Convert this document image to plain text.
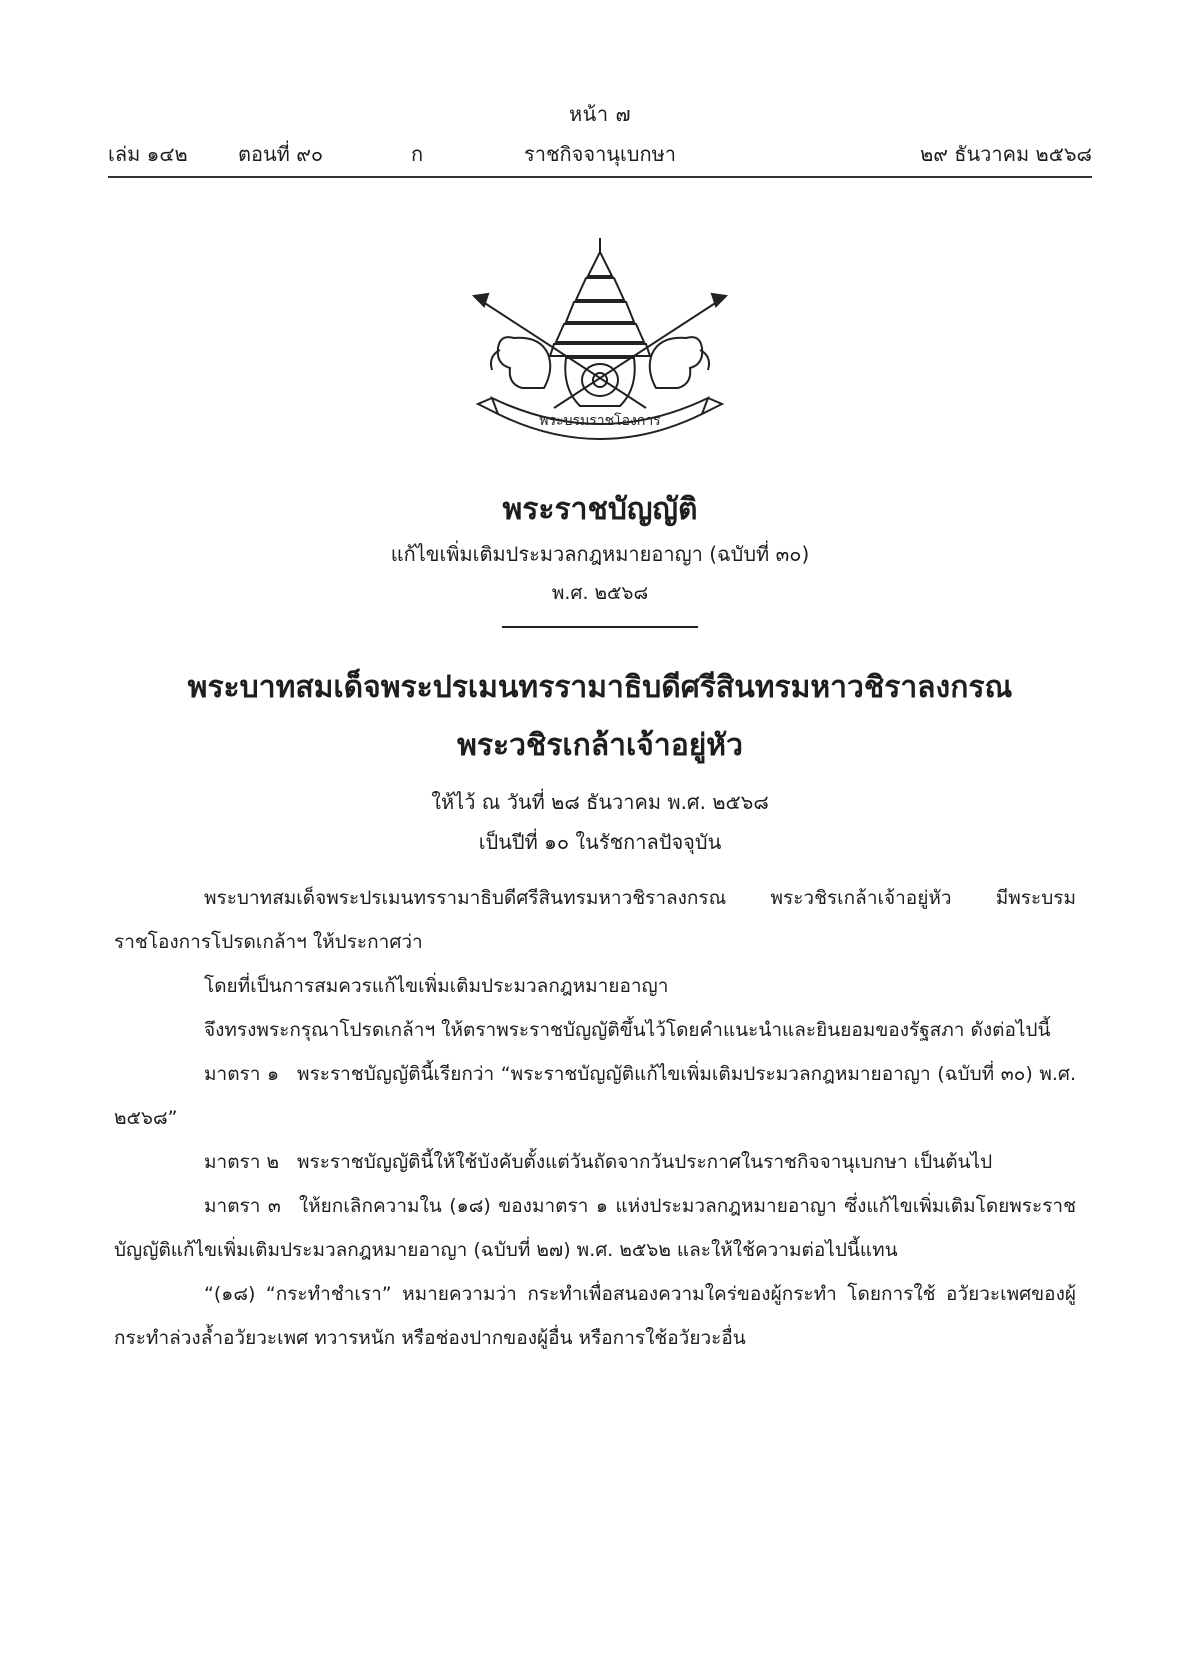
หน้า ๗
เล่ม ๑๔๒	ตอนที่ ๙๐	ก	ราชกิจจานุเบกษา	๒๙ ธันวาคม ๒๕๖๘
พระบรมราชโองการ
พระราชบัญญัติ
แก้ไขเพิ่มเติมประมวลกฎหมายอาญา (ฉบับที่ ๓๐)
พ.ศ. ๒๕๖๘
พระบาทสมเด็จพระปรเมนทรรามาธิบดีศรีสินทรมหาวชิราลงกรณ
พระวชิรเกล้าเจ้าอยู่หัว
ให้ไว้ ณ วันที่ ๒๘ ธันวาคม พ.ศ. ๒๕๖๘
เป็นปีที่ ๑๐ ในรัชกาลปัจจุบัน

พระบาทสมเด็จพระปรเมนทรรามาธิบดีศรีสินทรมหาวชิราลงกรณ พระวชิรเกล้าเจ้าอยู่หัว มีพระบรมราชโองการโปรดเกล้าฯ ให้ประกาศว่า

โดยที่เป็นการสมควรแก้ไขเพิ่มเติมประมวลกฎหมายอาญา

จึงทรงพระกรุณาโปรดเกล้าฯ ให้ตราพระราชบัญญัติขึ้นไว้โดยคำแนะนำและยินยอมของรัฐสภา ดังต่อไปนี้

มาตรา ๑ พระราชบัญญัตินี้เรียกว่า “พระราชบัญญัติแก้ไขเพิ่มเติมประมวลกฎหมายอาญา (ฉบับที่ ๓๐) พ.ศ. ๒๕๖๘”

มาตรา ๒ พระราชบัญญัตินี้ให้ใช้บังคับตั้งแต่วันถัดจากวันประกาศในราชกิจจานุเบกษา เป็นต้นไป

มาตรา ๓ ให้ยกเลิกความใน (๑๘) ของมาตรา ๑ แห่งประมวลกฎหมายอาญา ซึ่งแก้ไขเพิ่มเติมโดยพระราชบัญญัติแก้ไขเพิ่มเติมประมวลกฎหมายอาญา (ฉบับที่ ๒๗) พ.ศ. ๒๕๖๒ และให้ใช้ความต่อไปนี้แทน

“(๑๘) “กระทำชำเรา” หมายความว่า กระทำเพื่อสนองความใคร่ของผู้กระทำ โดยการใช้ อวัยวะเพศของผู้กระทำล่วงล้ำอวัยวะเพศ ทวารหนัก หรือช่องปากของผู้อื่น หรือการใช้อวัยวะอื่น
